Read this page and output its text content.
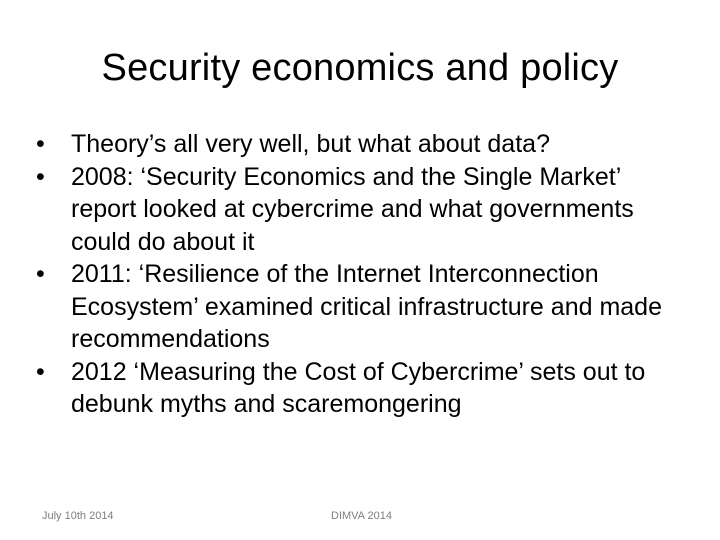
Security economics and policy
•	Theory’s all very well, but what about data?
•	2008: ‘Security Economics and the Single Market’ report looked at cybercrime and what governments could do about it
•	2011: ‘Resilience of the Internet Interconnection Ecosystem’ examined critical infrastructure and made recommendations
•	2012 ‘Measuring the Cost of Cybercrime’ sets out to debunk myths and scaremongering
July 10th 2014	DIMVA 2014
